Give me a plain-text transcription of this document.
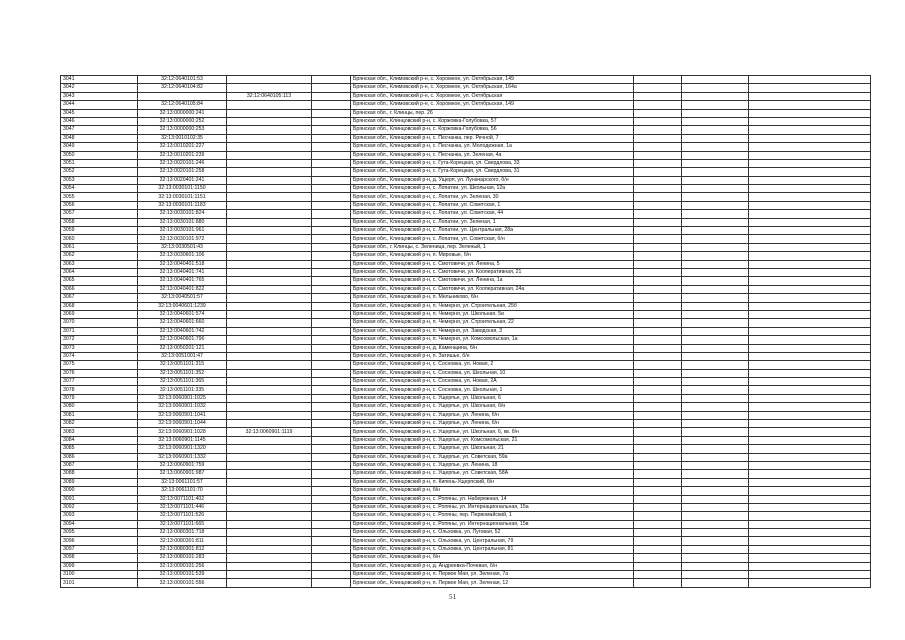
3041	32:12:0640101:53			Брянская обл., Климовский р-н, с. Хоромное, ул. Октябрьская, 149			
3042	32:12:0640104:82			Брянская обл., Климовский р-н, с. Хоромное, ул. Октябрьская, 164а			
3043		32:12:0640105:113		Брянская обл., Климовский р-н, с. Хоромное, ул. Октябрьская			
3044	32:12:0640105:84			Брянская обл., Климовский р-н, с. Хоромное, ул. Октябрьская, 149			
3045	32:13:0000000:241			Брянская обл., г. Клинцы, пер. 26			
3046	32:13:0000000:252			Брянская обл., Клинцовский р-н, с. Коржовка-Голубовка, 57			
3047	32:13:0000000:253			Брянская обл., Клинцовский р-н, с. Коржовка-Голубовка, 56			
3048	32:13:0010102:35			Брянская обл., Клинцовский р-н, с. Песчанка, пер. Речной, 7			
3049	32:13:0010201:227			Брянская обл., Клинцовский р-н, с. Песчанка, ул. Молодежная, 1а			
3050	32:13:0010201:239			Брянская обл., Клинцовский р-н, с. Песчанка, ул. Зеленая, 4а			
3051	32:13:0020101:246			Брянская обл., Клинцовский р-н, с. Гута-Корецкая, ул. Свердлова, 33			
3052	32:13:0020101:258			Брянская обл., Клинцовский р-н, с. Гута-Корецкая, ул. Свердлова, 31			
3053	32:13:0020401:241			Брянская обл., Клинцовский р-н, д. Ущерп, ул. Луначарского, б/н			
3054	32:13:0030101:1150			Брянская обл., Клинцовский р-н, с. Лопатни, ул. Школьная, 12а			
3055	32:13:0030101:1151			Брянская обл., Клинцовский р-н, с. Лопатни, ул. Зеленая, 30			
3056	32:13:0030101:1183			Брянская обл., Клинцовский р-н, с. Лопатни, ул. Советская, 1			
3057	32:13:0030101:824			Брянская обл., Клинцовский р-н, с. Лопатни, ул. Советская, 44			
3058	32:13:0030101:880			Брянская обл., Клинцовский р-н, с. Лопатни, ул. Зеленая, 1			
3059	32:13:0030101:961			Брянская обл., Клинцовский р-н, с. Лопатни, ул. Центральная, 28а			
3060	32:13:0030101:972			Брянская обл., Клинцовский р-н, с. Лопатни, ул. Советская, б/н			
3061	32:13:0030501:43			Брянская обл., г. Клинцы, с. Зеленица, пер. Зеленый, 1			
3062	32:13:0030601:106			Брянская обл., Клинцовский р-н, п. Мировые, б/н			
3063	32:13:0040401:518			Брянская обл., Клинцовский р-н, с. Смотовичи, ул. Ленина, 5			
3064	32:13:0040401:741			Брянская обл., Клинцовский р-н, с. Смотовичи, ул. Кооперативная, 21			
3065	32:13:0040401:765			Брянская обл., Клинцовский р-н, с. Смотовичи, ул. Ленина, 1а			
3066	32:13:0040401:822			Брянская обл., Клинцовский р-н, с. Смотовичи, ул. Кооперативная, 24а			
3067	32:13:0040501:57			Брянская обл., Клинцовский р-н, п. Мельниково, б/н			
3068	32:13:0040601:1239			Брянская обл., Клинцовский р-н, п. Чемерня, ул. Строительная, 25б			
3069	32:13:0040601:574			Брянская обл., Клинцовский р-н, п. Чемерня, ул. Школьная, 5и			
3070	32:13:0040601:660			Брянская обл., Клинцовский р-н, п. Чемерня, ул. Строительная, 22			
3071	32:13:0040601:742			Брянская обл., Клинцовский р-н, п. Чемерня, ул. Заводская, 3			
3072	32:13:0040601:796			Брянская обл., Клинцовский р-н, п. Чемерня, ул. Комсомольская, 1а			
3073	32:13:0050201:121			Брянская обл., Клинцовский р-н, д. Каменщина, б/н			
3074	32:13:0051001:47			Брянская обл., Клинцовский р-н, п. Затишье, б/н			
3075	32:13:0051101:315			Брянская обл., Клинцовский р-н, с. Сосновка, ул. Новая, 2			
3076	32:13:0051101:352			Брянская обл., Клинцовский р-н, с. Сосновка, ул. Школьная, 10			
3077	32:13:0051101:365			Брянская обл., Клинцовский р-н, с. Сосновка, ул. Новая, 2А			
3078	32:13:0051101:335			Брянская обл., Клинцовский р-н, с. Сосновка, ул. Школьная, 1			
3079	32:13:0060901:1025			Брянская обл., Клинцовский р-н, с. Ущерпье, ул. Школьная, 6			
3080	32:13:0060901:1032			Брянская обл., Клинцовский р-н, с. Ущерпье, ул. Школьная, б/н			
3081	32:13:0060901:1041			Брянская обл., Клинцовский р-н, с. Ущерпье, ул. Ленина, б/н			
3082	32:13:0060901:1044			Брянская обл., Клинцовский р-н, с. Ущерпье, ул. Ленина, б/н			
3083	32:13:0060901:1028	32:13:0060901:1119		Брянская обл., Клинцовский р-н, с. Ущерпье, ул. Школьная, 6, кв. б/н			
3084	32:13:0060901:1145			Брянская обл., Клинцовский р-н, с. Ущерпье, ул. Комсомольская, 21			
3085	32:13:0060901:1320			Брянская обл., Клинцовский р-н, с. Ущерпье, ул. Школьная, 21			
3086	32:13:0060901:1332			Брянская обл., Клинцовский р-н, с. Ущерпье, ул. Советская, 59а			
3087	32:13:0060901:759			Брянская обл., Клинцовский р-н, с. Ущерпье, ул. Ленина, 18			
3088	32:13:0060901:987			Брянская обл., Клинцовский р-н, с. Ущерпье, ул. Советская, 58А			
3089	32:13:0061101:57			Брянская обл., Клинцовский р-н, п. Кипень-Ущерпский, б/н			
3090	32:13:0061101:70			Брянская обл., Клинцовский р-н, б/н			
3091	32:13:0071101:402			Брянская обл., Клинцовский р-н, с. Ропяны, ул. Набережная, 14			
3092	32:13:0071101:446			Брянская обл., Клинцовский р-н, с. Ропяны, ул. Интернациональная, 15а			
3093	32:13:0071101:526			Брянская обл., Клинцовский р-н, с. Ропяны, пер. Первомайский, 1			
3094	32:13:0071101:665			Брянская обл., Клинцовский р-н, с. Ропяны, ул. Интернациональная, 15в			
3095	32:13:0080301:718			Брянская обл., Клинцовский р-н, с. Ольховка, ул. Луговая, 52			
3096	32:13:0080301:811			Брянская обл., Клинцовский р-н, с. Ольховка, ул. Центральная, 79			
3097	32:13:0080301:812			Брянская обл., Клинцовский р-н, с. Ольховка, ул. Центральная, 81			
3098	32:13:0080101:283			Брянская обл., Клинцовский р-н, б/н			
3099	32:13:0090101:256			Брянская обл., Клинцовский р-н, д. Андреевка-Почевая, б/н			
3100	32:13:0090101:539			Брянская обл., Клинцовский р-н, п. Первое Мая, ул. Зеленая, 7а			
3101	32:13:0090101:556			Брянская обл., Клинцовский р-н, п. Первое Мая, ул. Зеленая, 12			
51
